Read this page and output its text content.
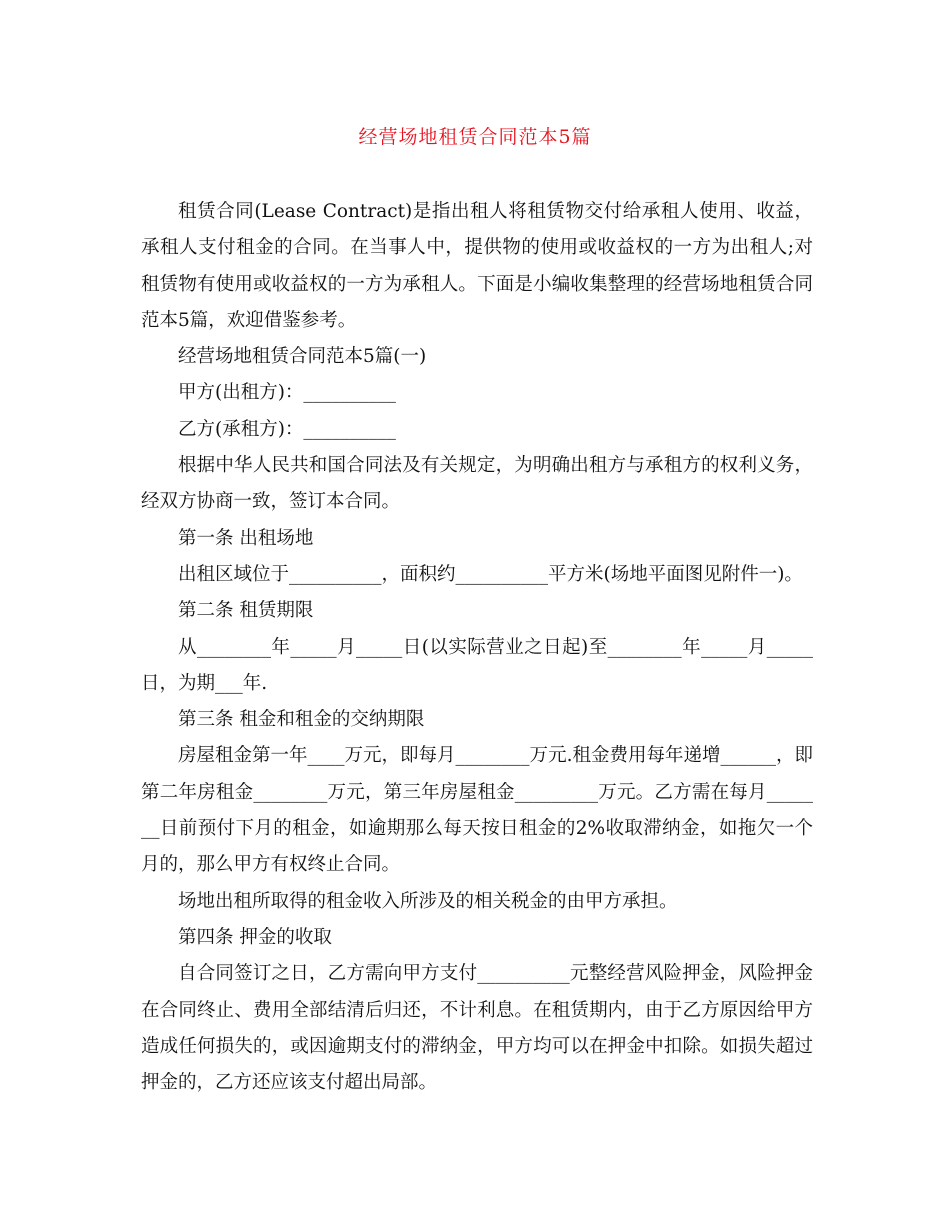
经营场地租赁合同范本5篇

租赁合同(Lease Contract)是指出租人将租赁物交付给承租人使用、收益，承租人支付租金的合同。在当事人中，提供物的使用或收益权的一方为出租人;对租赁物有使用或收益权的一方为承租人。下面是小编收集整理的经营场地租赁合同范本5篇，欢迎借鉴参考。

经营场地租赁合同范本5篇(一)

甲方(出租方)：__________

乙方(承租方)：__________

根据中华人民共和国合同法及有关规定，为明确出租方与承租方的权利义务，经双方协商一致，签订本合同。

第一条 出租场地

出租区域位于__________，面积约__________平方米(场地平面图见附件一)。

第二条 租赁期限

从________年_____月_____日(以实际营业之日起)至________年_____月_____日，为期___年.

第三条 租金和租金的交纳期限

房屋租金第一年____万元，即每月________万元.租金费用每年递增______，即第二年房租金________万元，第三年房屋租金_________万元。乙方需在每月_______日前预付下月的租金，如逾期那么每天按日租金的2%收取滞纳金，如拖欠一个月的，那么甲方有权终止合同。

场地出租所取得的租金收入所涉及的相关税金的由甲方承担。

第四条 押金的收取

自合同签订之日，乙方需向甲方支付__________元整经营风险押金，风险押金在合同终止、费用全部结清后归还，不计利息。在租赁期内，由于乙方原因给甲方造成任何损失的，或因逾期支付的滞纳金，甲方均可以在押金中扣除。如损失超过押金的，乙方还应该支付超出局部。
